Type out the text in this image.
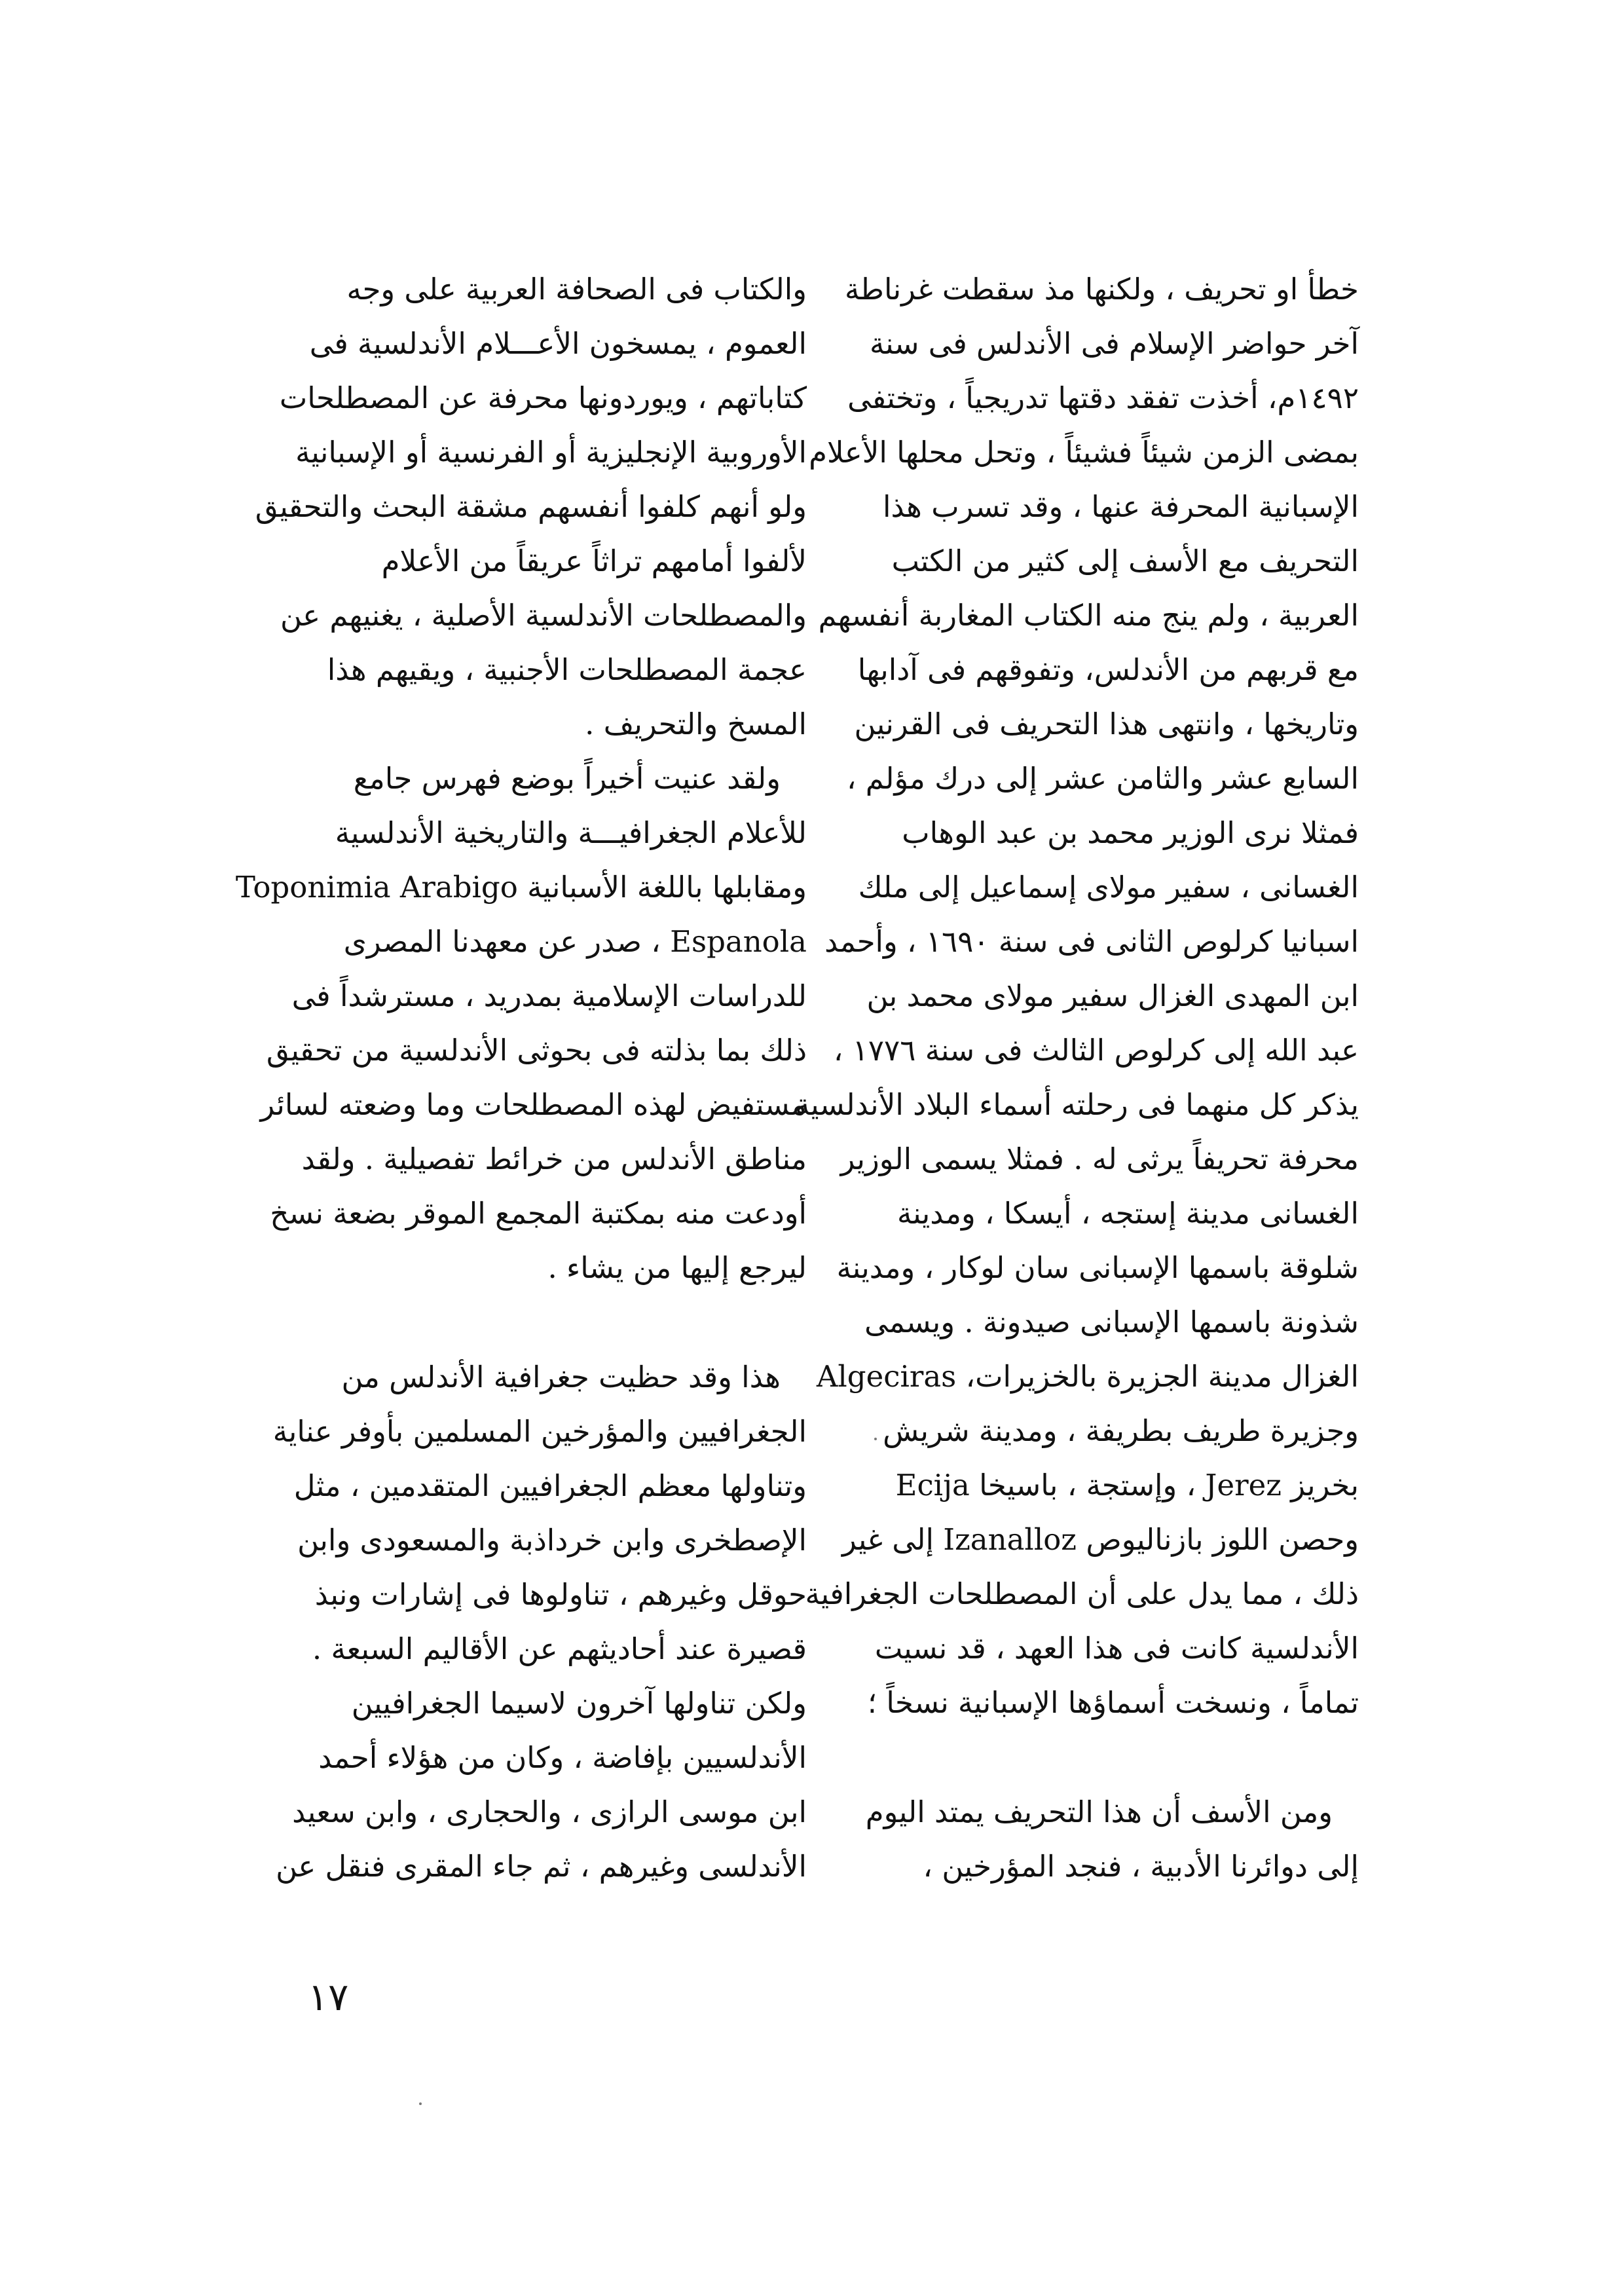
خطأ او تحريف ، ولكنها مذ سقطت غرناطة
آخر حواضر الإسلام فى الأندلس فى سنة
١٤٩٢م، أخذت تفقد دقتها تدريجياً ، وتختفى
بمضى الزمن شيئاً فشيئاً ، وتحل محلها الأعلام
الإسبانية المحرفة عنها ، وقد تسرب هذا
التحريف مع الأسف إلى كثير من الكتب
العربية ، ولم ينج منه الكتاب المغاربة أنفسهم
مع قربهم من الأندلس، وتفوقهم فى آدابها
وتاريخها ، وانتهى هذا التحريف فى القرنين
السابع عشر والثامن عشر إلى درك مؤلم ،
فمثلا نرى الوزير محمد بن عبد الوهاب
الغسانى ، سفير مولاى إسماعيل إلى ملك
اسبانيا كرلوص الثانى فى سنة ١٦٩٠ ، وأحمد
ابن المهدى الغزال سفير مولاى محمد بن
عبد الله إلى كرلوص الثالث فى سنة ١٧٧٦ ،
يذكر كل منهما فى رحلته أسماء البلاد الأندلسية
محرفة تحريفاً يرثى له . فمثلا يسمى الوزير
الغسانى مدينة إستجه ، أيسكا ، ومدينة
شلوقة باسمها الإسبانى سان لوكار ، ومدينة
شذونة باسمها الإسبانى صيدونة . ويسمى
الغزال مدينة الجزيرة بالخزيرات، Algeciras
وجزيرة طريف بطريفة ، ومدينة شريش
بخريز Jerez ، وإستجة ، باسيخا Ecija
وحصن اللوز بازناليوص Izanalloz إلى غير
ذلك ، مما يدل على أن المصطلحات الجغرافية
الأندلسية كانت فى هذا العهد ، قد نسيت
تماماً ، ونسخت أسماؤها الإسبانية نسخاً ؛
ومن الأسف أن هذا التحريف يمتد اليوم
إلى دوائرنا الأدبية ، فنجد المؤرخين ،
والكتاب فى الصحافة العربية على وجه
العموم ، يمسخون الأعـــلام الأندلسية فى
كتاباتهم ، ويوردونها محرفة عن المصطلحات
الأوروبية الإنجليزية أو الفرنسية أو الإسبانية
ولو أنهم كلفوا أنفسهم مشقة البحث والتحقيق
لألفوا أمامهم تراثاً عريقاً من الأعلام
والمصطلحات الأندلسية الأصلية ، يغنيهم عن
عجمة المصطلحات الأجنبية ، ويقيهم هذا
المسخ والتحريف .
ولقد عنيت أخيراً بوضع فهرس جامع
للأعلام الجغرافيـــة والتاريخية الأندلسية
ومقابلها باللغة الأسبانية Toponimia Arabigo
Espanola ، صدر عن معهدنا المصرى
للدراسات الإسلامية بمدريد ، مسترشداً فى
ذلك بما بذلته فى بحوثى الأندلسية من تحقيق
مستفيض لهذه المصطلحات وما وضعته لسائر
مناطق الأندلس من خرائط تفصيلية . ولقد
أودعت منه بمكتبة المجمع الموقر بضعة نسخ
ليرجع إليها من يشاء .
هذا وقد حظيت جغرافية الأندلس من
الجغرافيين والمؤرخين المسلمين بأوفر عناية
وتناولها معظم الجغرافيين المتقدمين ، مثل
الإصطخرى وابن خرداذبة والمسعودى وابن
حوقل وغيرهم ، تناولوها فى إشارات ونبذ
قصيرة عند أحاديثهم عن الأقاليم السبعة .
ولكن تناولها آخرون لاسيما الجغرافيين
الأندلسيين بإفاضة ، وكان من هؤلاء أحمد
ابن موسى الرازى ، والحجارى ، وابن سعيد
الأندلسى وغيرهم ، ثم جاء المقرى فنقل عن
١٧
